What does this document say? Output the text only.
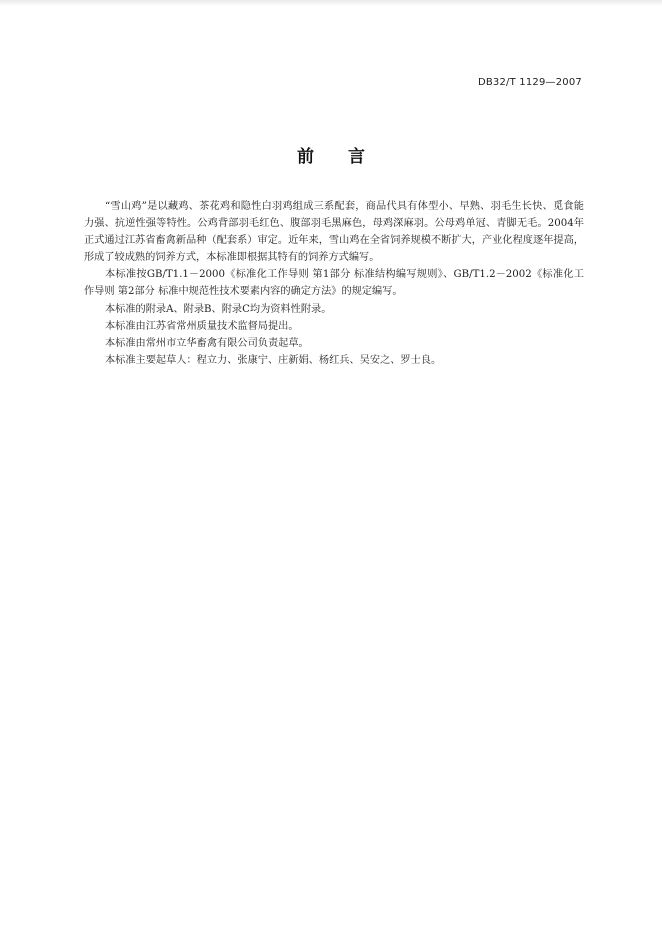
DB32/T 1129—2007
前言

“雪山鸡”是以藏鸡、茶花鸡和隐性白羽鸡组成三系配套，商品代具有体型小、早熟、羽毛生长快、觅食能力强、抗逆性强等特性。公鸡背部羽毛红色、腹部羽毛黑麻色，母鸡深麻羽。公母鸡单冠、青脚无毛。2004年正式通过江苏省畜禽新品种（配套系）审定。近年来，雪山鸡在全省饲养规模不断扩大，产业化程度逐年提高，形成了较成熟的饲养方式，本标准即根据其特有的饲养方式编写。

本标准按GB/T1.1－2000《标准化工作导则 第1部分 标准结构编写规则》、GB/T1.2－2002《标准化工作导则 第2部分 标准中规范性技术要素内容的确定方法》的规定编写。

本标准的附录A、附录B、附录C均为资料性附录。

本标准由江苏省常州质量技术监督局提出。

本标准由常州市立华畜禽有限公司负责起草。

本标准主要起草人：程立力、张康宁、庄新娟、杨红兵、吴安之、罗士良。
